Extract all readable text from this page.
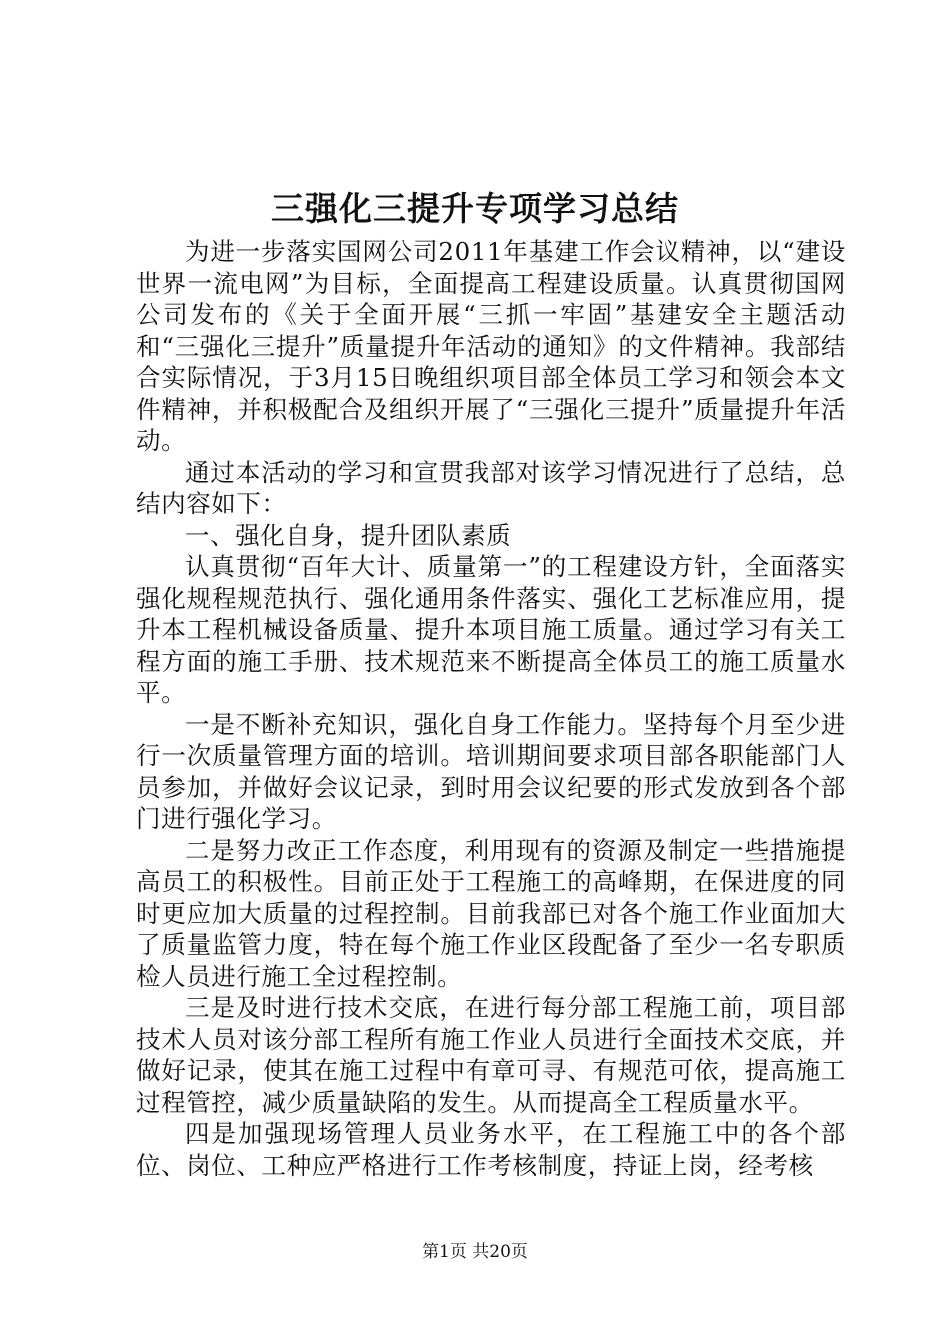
三强化三提升专项学习总结

为进一步落实国网公司2011年基建工作会议精神，以“建设世界一流电网”为目标，全面提高工程建设质量。认真贯彻国网公司发布的《关于全面开展“三抓一牢固”基建安全主题活动和“三强化三提升”质量提升年活动的通知》的文件精神。我部结合实际情况，于3月15日晚组织项目部全体员工学习和领会本文件精神，并积极配合及组织开展了“三强化三提升”质量提升年活动。

通过本活动的学习和宣贯我部对该学习情况进行了总结，总结内容如下：

一、强化自身，提升团队素质

认真贯彻“百年大计、质量第一”的工程建设方针，全面落实强化规程规范执行、强化通用条件落实、强化工艺标准应用，提升本工程机械设备质量、提升本项目施工质量。通过学习有关工程方面的施工手册、技术规范来不断提高全体员工的施工质量水平。

一是不断补充知识，强化自身工作能力。坚持每个月至少进行一次质量管理方面的培训。培训期间要求项目部各职能部门人员参加，并做好会议记录，到时用会议纪要的形式发放到各个部门进行强化学习。

二是努力改正工作态度，利用现有的资源及制定一些措施提高员工的积极性。目前正处于工程施工的高峰期，在保进度的同时更应加大质量的过程控制。目前我部已对各个施工作业面加大了质量监管力度，特在每个施工作业区段配备了至少一名专职质检人员进行施工全过程控制。

三是及时进行技术交底，在进行每分部工程施工前，项目部技术人员对该分部工程所有施工作业人员进行全面技术交底，并做好记录，使其在施工过程中有章可寻、有规范可依，提高施工过程管控，减少质量缺陷的发生。从而提高全工程质量水平。

四是加强现场管理人员业务水平，在工程施工中的各个部位、岗位、工种应严格进行工作考核制度，持证上岗，经考核

第1页 共20页
